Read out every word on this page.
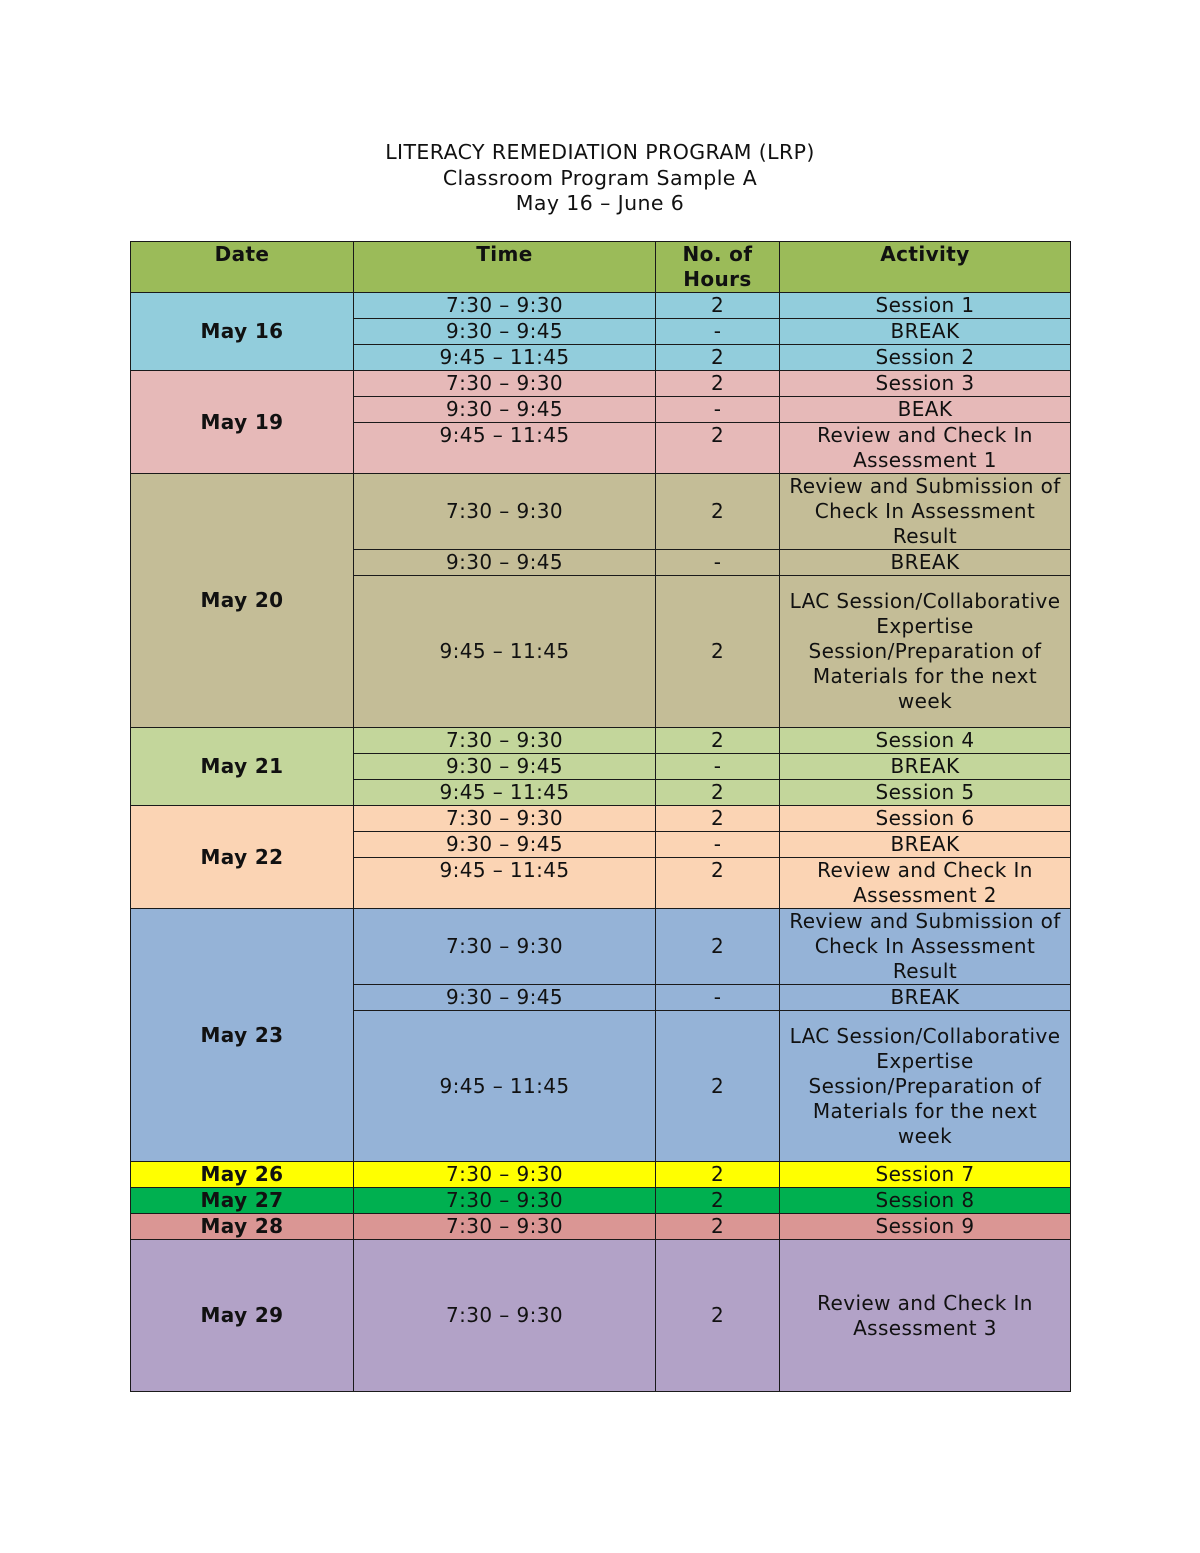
LITERACY REMEDIATION PROGRAM (LRP)
Classroom Program Sample A
May 16 – June 6
Date	Time	No. of Hours	Activity
May 16	7:30 – 9:30	2	Session 1
	9:30 – 9:45	-	BREAK
	9:45 – 11:45	2	Session 2
May 19	7:30 – 9:30	2	Session 3
	9:30 – 9:45	-	BEAK
	9:45 – 11:45	2	Review and Check In Assessment 1
May 20	7:30 – 9:30	2	Review and Submission of Check In Assessment Result
	9:30 – 9:45	-	BREAK
	9:45 – 11:45	2	LAC Session/Collaborative Expertise Session/Preparation of Materials for the next week
May 21	7:30 – 9:30	2	Session 4
	9:30 – 9:45	-	BREAK
	9:45 – 11:45	2	Session 5
May 22	7:30 – 9:30	2	Session 6
	9:30 – 9:45	-	BREAK
	9:45 – 11:45	2	Review and Check In Assessment 2
May 23	7:30 – 9:30	2	Review and Submission of Check In Assessment Result
	9:30 – 9:45	-	BREAK
	9:45 – 11:45	2	LAC Session/Collaborative Expertise Session/Preparation of Materials for the next week
May 26	7:30 – 9:30	2	Session 7
May 27	7:30 – 9:30	2	Session 8
May 28	7:30 – 9:30	2	Session 9
May 29	7:30 – 9:30	2	Review and Check In Assessment 3
